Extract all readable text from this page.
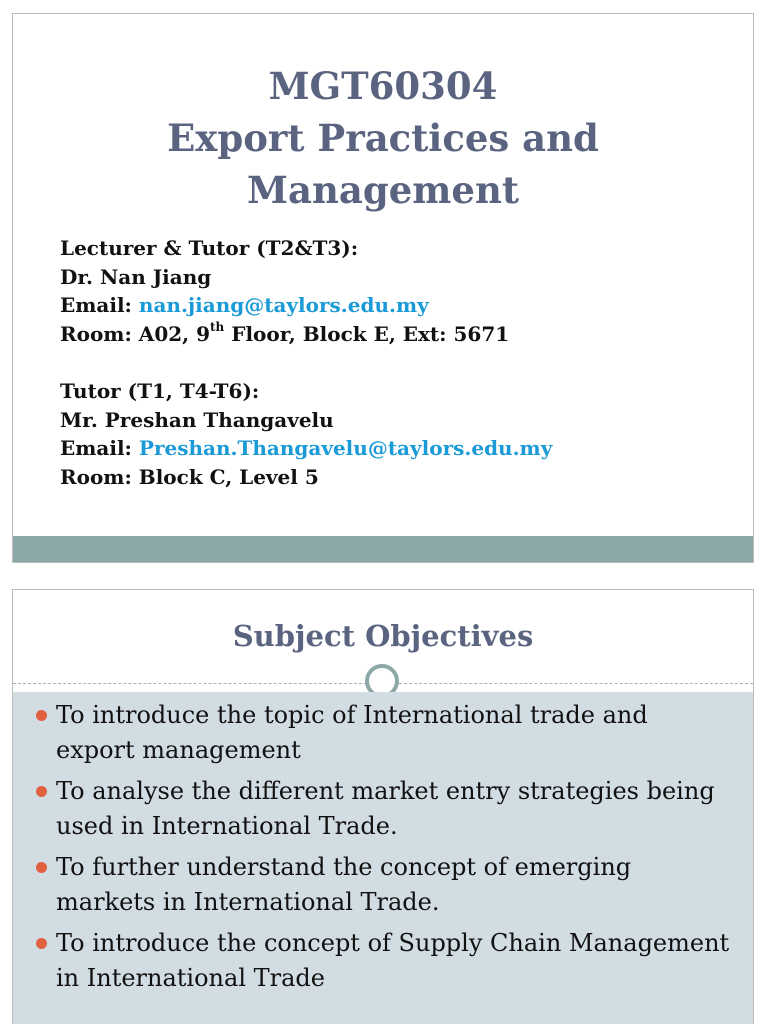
MGT60304
Export Practices and
Management
Lecturer & Tutor (T2&T3):
Dr. Nan Jiang
Email: nan.jiang@taylors.edu.my
Room: A02, 9th Floor, Block E, Ext: 5671
Tutor (T1, T4-T6):
Mr. Preshan Thangavelu
Email: Preshan.Thangavelu@taylors.edu.my
Room: Block C, Level 5
Subject Objectives
To introduce the topic of International trade and export management
To analyse the different market entry strategies being used in International Trade.
To further understand the concept of emerging markets in International Trade.
To introduce the concept of Supply Chain Management in International Trade
